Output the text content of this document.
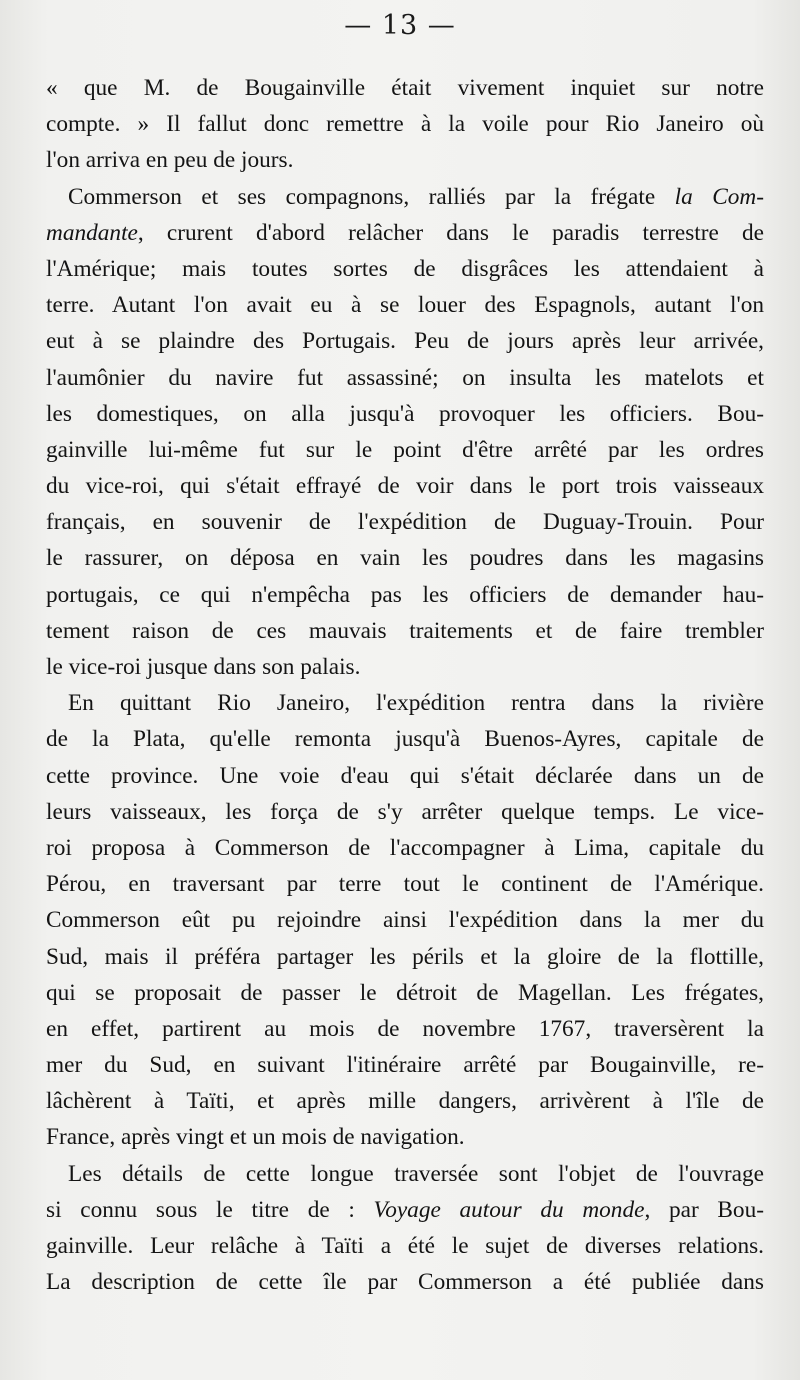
— 13 —
« que M. de Bougainville était vivement inquiet sur notre
compte. » Il fallut donc remettre à la voile pour Rio Janeiro où
l'on arriva en peu de jours.
Commerson et ses compagnons, ralliés par la frégate la Com-
mandante, crurent d'abord relâcher dans le paradis terrestre de
l'Amérique; mais toutes sortes de disgrâces les attendaient à
terre. Autant l'on avait eu à se louer des Espagnols, autant l'on
eut à se plaindre des Portugais. Peu de jours après leur arrivée,
l'aumônier du navire fut assassiné; on insulta les matelots et
les domestiques, on alla jusqu'à provoquer les officiers. Bou-
gainville lui-même fut sur le point d'être arrêté par les ordres
du vice-roi, qui s'était effrayé de voir dans le port trois vaisseaux
français, en souvenir de l'expédition de Duguay-Trouin. Pour
le rassurer, on déposa en vain les poudres dans les magasins
portugais, ce qui n'empêcha pas les officiers de demander hau-
tement raison de ces mauvais traitements et de faire trembler
le vice-roi jusque dans son palais.
En quittant Rio Janeiro, l'expédition rentra dans la rivière
de la Plata, qu'elle remonta jusqu'à Buenos-Ayres, capitale de
cette province. Une voie d'eau qui s'était déclarée dans un de
leurs vaisseaux, les força de s'y arrêter quelque temps. Le vice-
roi proposa à Commerson de l'accompagner à Lima, capitale du
Pérou, en traversant par terre tout le continent de l'Amérique.
Commerson eût pu rejoindre ainsi l'expédition dans la mer du
Sud, mais il préféra partager les périls et la gloire de la flottille,
qui se proposait de passer le détroit de Magellan. Les frégates,
en effet, partirent au mois de novembre 1767, traversèrent la
mer du Sud, en suivant l'itinéraire arrêté par Bougainville, re-
lâchèrent à Taïti, et après mille dangers, arrivèrent à l'île de
France, après vingt et un mois de navigation.
Les détails de cette longue traversée sont l'objet de l'ouvrage
si connu sous le titre de : Voyage autour du monde, par Bou-
gainville. Leur relâche à Taïti a été le sujet de diverses relations.
La description de cette île par Commerson a été publiée dans
